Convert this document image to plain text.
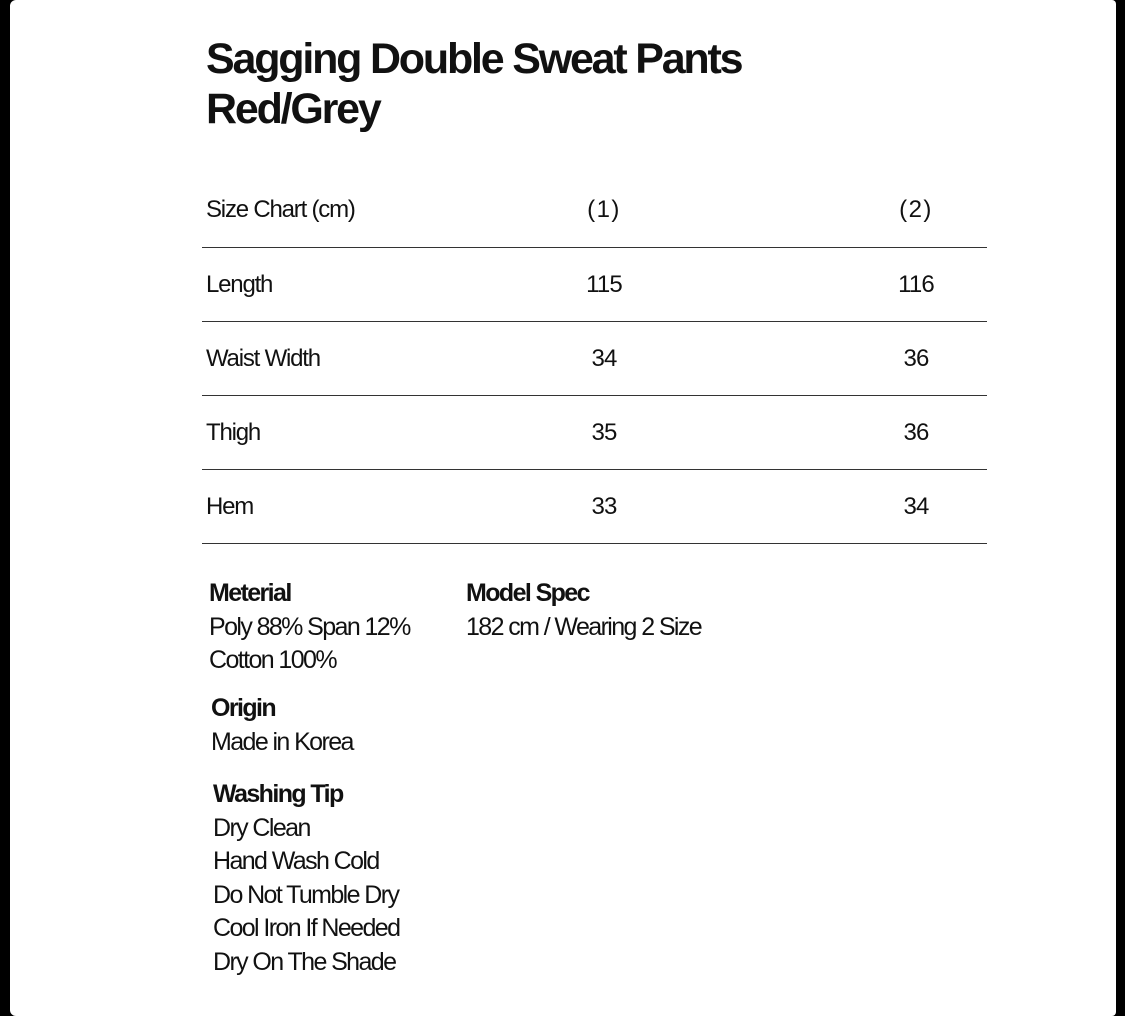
Sagging Double Sweat Pants
Red/Grey
Size Chart (cm)	(1)	(2)
Length	115	116
Waist Width	34	36
Thigh	35	36
Hem	33	34
Meterial
Poly 88% Span 12%
Cotton 100%
Model Spec
182 cm / Wearing 2 Size
Origin
Made in Korea
Washing Tip
Dry Clean
Hand Wash Cold
Do Not Tumble Dry
Cool Iron If Needed
Dry On The Shade
